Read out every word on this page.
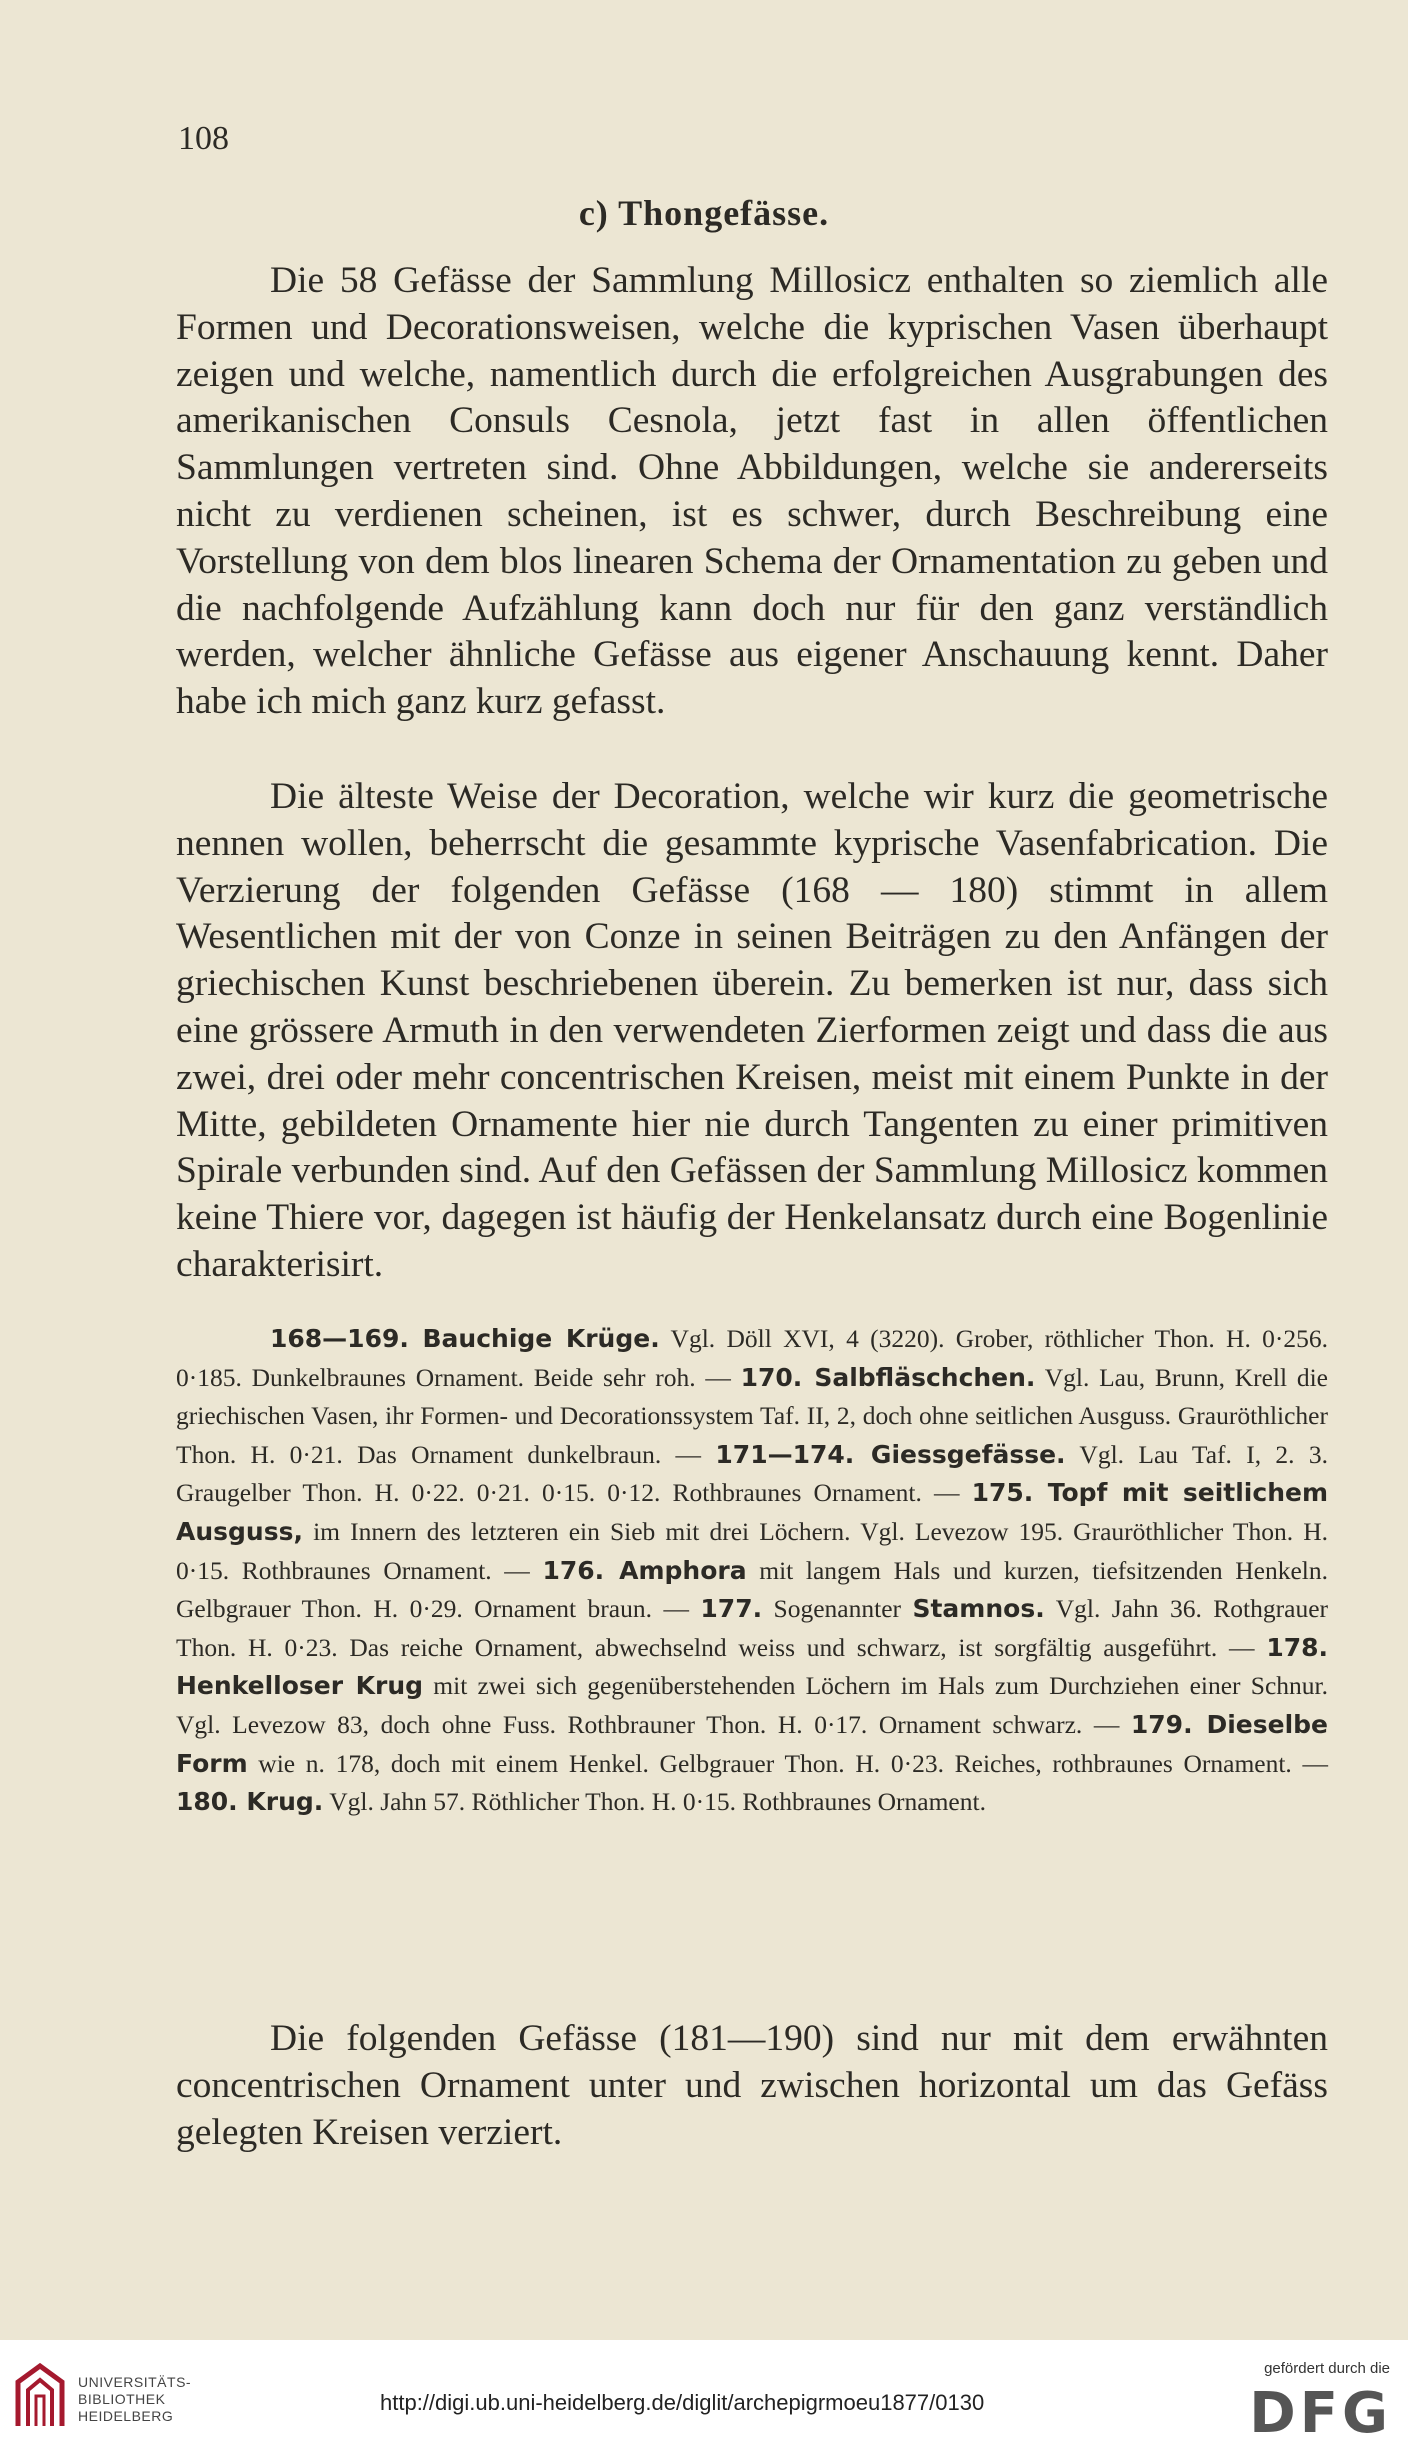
108
c) Thongefässe.

Die 58 Gefässe der Sammlung Millosicz enthalten so ziemlich alle Formen und Decorationsweisen, welche die kyprischen Vasen überhaupt zeigen und welche, namentlich durch die erfolgreichen Ausgrabungen des amerikanischen Consuls Cesnola, jetzt fast in allen öffentlichen Sammlungen vertreten sind. Ohne Abbildungen, welche sie andererseits nicht zu verdienen scheinen, ist es schwer, durch Beschreibung eine Vorstellung von dem blos linearen Schema der Ornamentation zu geben und die nachfolgende Aufzählung kann doch nur für den ganz verständlich werden, welcher ähnliche Gefässe aus eigener Anschauung kennt. Daher habe ich mich ganz kurz gefasst.

Die älteste Weise der Decoration, welche wir kurz die geometrische nennen wollen, beherrscht die gesammte kyprische Vasenfabrication. Die Verzierung der folgenden Gefässe (168 — 180) stimmt in allem Wesentlichen mit der von Conze in seinen Beiträgen zu den Anfängen der griechischen Kunst beschriebenen überein. Zu bemerken ist nur, dass sich eine grössere Armuth in den verwendeten Zierformen zeigt und dass die aus zwei, drei oder mehr concentrischen Kreisen, meist mit einem Punkte in der Mitte, gebildeten Ornamente hier nie durch Tangenten zu einer primitiven Spirale verbunden sind. Auf den Gefässen der Sammlung Millosicz kommen keine Thiere vor, dagegen ist häufig der Henkelansatz durch eine Bogenlinie charakterisirt.

168—169. Bauchige Krüge. Vgl. Döll XVI, 4 (3220). Grober, röthlicher Thon. H. 0·256. 0·185. Dunkelbraunes Ornament. Beide sehr roh. — 170. Salbfläschchen. Vgl. Lau, Brunn, Krell die griechischen Vasen, ihr Formen- und Decorationssystem Taf. II, 2, doch ohne seitlichen Ausguss. Grauröthlicher Thon. H. 0·21. Das Ornament dunkelbraun. — 171—174. Giessgefässe. Vgl. Lau Taf. I, 2. 3. Graugelber Thon. H. 0·22. 0·21. 0·15. 0·12. Rothbraunes Ornament. — 175. Topf mit seitlichem Ausguss, im Innern des letzteren ein Sieb mit drei Löchern. Vgl. Levezow 195. Grauröthlicher Thon. H. 0·15. Rothbraunes Ornament. — 176. Amphora mit langem Hals und kurzen, tiefsitzenden Henkeln. Gelbgrauer Thon. H. 0·29. Ornament braun. — 177. Sogenannter Stamnos. Vgl. Jahn 36. Rothgrauer Thon. H. 0·23. Das reiche Ornament, abwechselnd weiss und schwarz, ist sorgfältig ausgeführt. — 178. Henkelloser Krug mit zwei sich gegenüberstehenden Löchern im Hals zum Durchziehen einer Schnur. Vgl. Levezow 83, doch ohne Fuss. Rothbrauner Thon. H. 0·17. Ornament schwarz. — 179. Dieselbe Form wie n. 178, doch mit einem Henkel. Gelbgrauer Thon. H. 0·23. Reiches, rothbraunes Ornament. — 180. Krug. Vgl. Jahn 57. Röthlicher Thon. H. 0·15. Rothbraunes Ornament.

Die folgenden Gefässe (181—190) sind nur mit dem erwähnten concentrischen Ornament unter und zwischen horizontal um das Gefäss gelegten Kreisen verziert.

UNIVERSITÄTS-
BIBLIOTHEK
HEIDELBERG
http://digi.ub.uni-heidelberg.de/diglit/archepigrmoeu1877/0130
gefördert durch die
DFG
